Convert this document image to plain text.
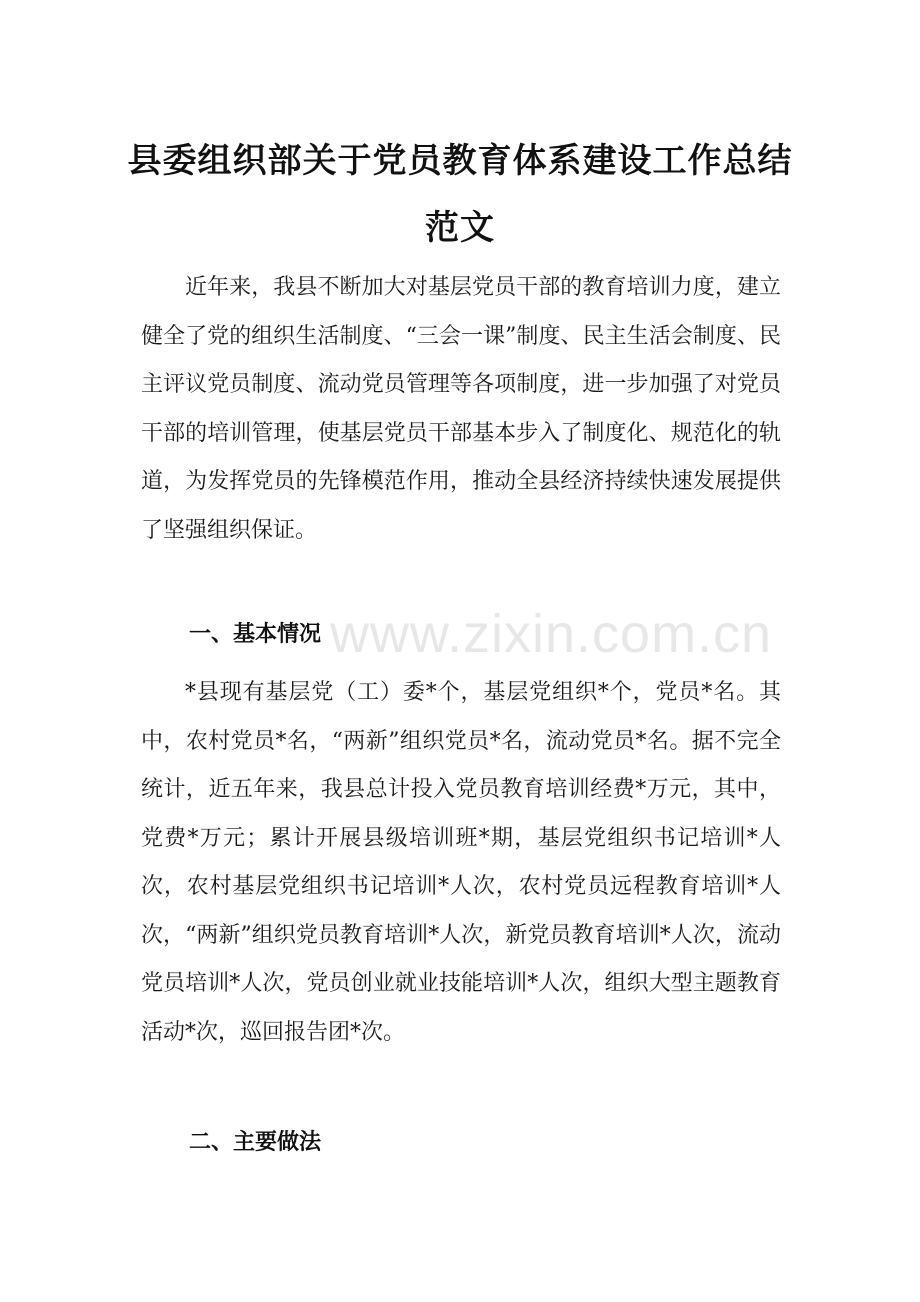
县委组织部关于党员教育体系建设工作总结
范文

近年来，我县不断加大对基层党员干部的教育培训力度，建立健全了党的组织生活制度、“三会一课”制度、民主生活会制度、民主评议党员制度、流动党员管理等各项制度，进一步加强了对党员干部的培训管理，使基层党员干部基本步入了制度化、规范化的轨道，为发挥党员的先锋模范作用，推动全县经济持续快速发展提供了坚强组织保证。

www.zixin.com.cn
一、基本情况

*县现有基层党（工）委*个，基层党组织*个，党员*名。其中，农村党员*名，“两新”组织党员*名，流动党员*名。据不完全统计，近五年来，我县总计投入党员教育培训经费*万元，其中，党费*万元；累计开展县级培训班*期，基层党组织书记培训*人次，农村基层党组织书记培训*人次，农村党员远程教育培训*人次，“两新”组织党员教育培训*人次，新党员教育培训*人次，流动党员培训*人次，党员创业就业技能培训*人次，组织大型主题教育活动*次，巡回报告团*次。

二、主要做法
